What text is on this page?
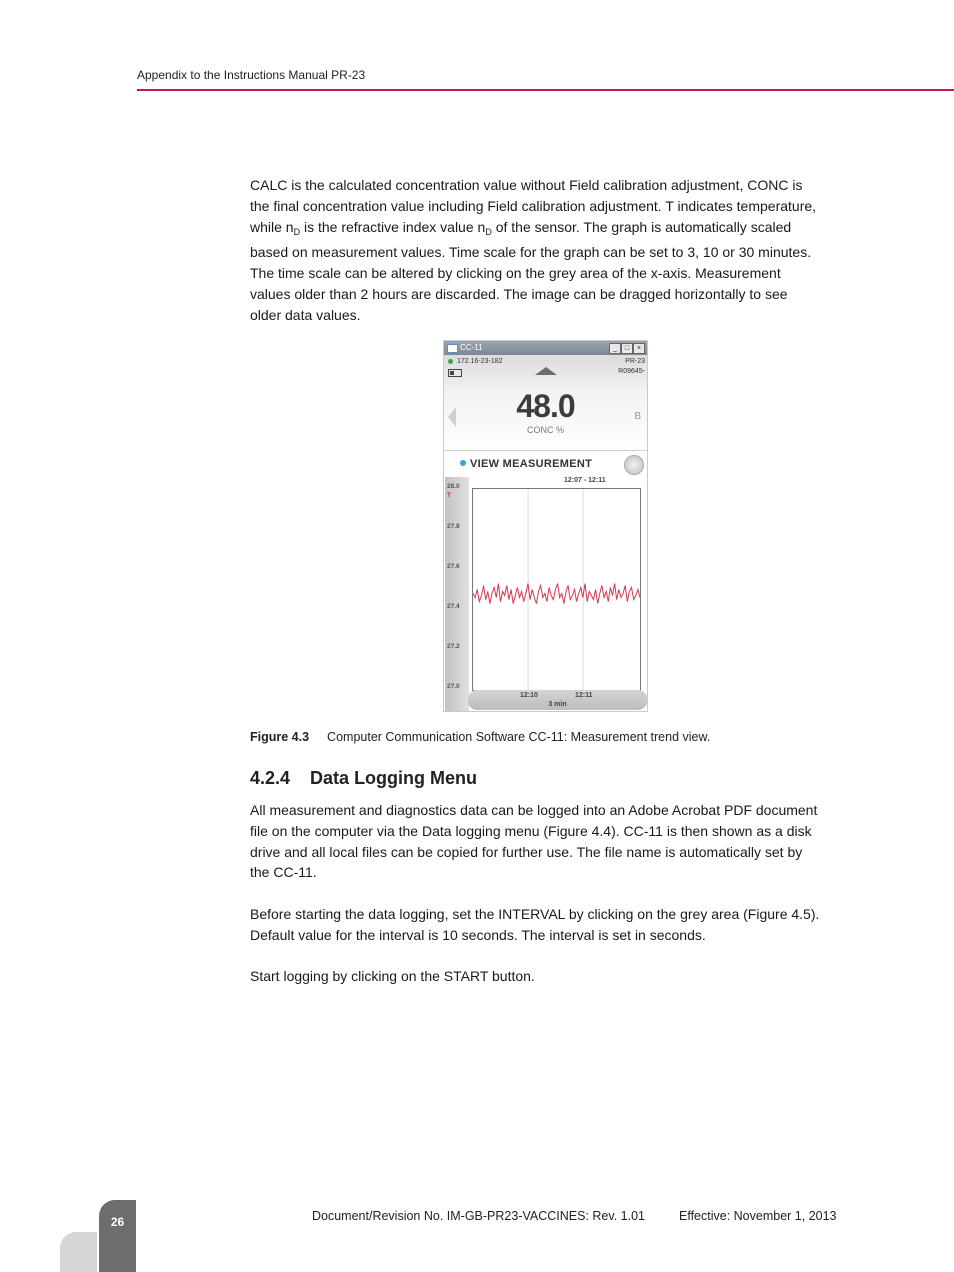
Appendix to the Instructions Manual PR-23

CALC is the calculated concentration value without Field calibration adjustment, CONC is

the final concentration value including Field calibration adjustment. T indicates temperature,

while $n_D$ is the refractive index value $n_D$ of the sensor. The graph is automatically scaled

based on measurement values. Time scale for the graph can be set to 3, 10 or 30 minutes.

The time scale can be altered by clicking on the grey area of the x-axis. Measurement

values older than 2 hours are discarded. The image can be dragged horizontally to see

older data values.

CC-11	_	□	×
172.16-23-182	PR-23
R09645-
48.0
CONC %
B
VIEW MEASUREMENT
28.0
T
27.8
27.6
27.4
27.2
27.0
12:07 - 12:11
12:10	12:11
3 min
Figure 4.3 Computer Communication Software CC-11: Measurement trend view.
4.2.4 Data Logging Menu

All measurement and diagnostics data can be logged into an Adobe Acrobat PDF document

file on the computer via the Data logging menu (Figure 4.4). CC-11 is then shown as a disk

drive and all local files can be copied for further use. The file name is automatically set by

the CC-11.

Before starting the data logging, set the INTERVAL by clicking on the grey area (Figure 4.5).

Default value for the interval is 10 seconds. The interval is set in seconds.

Start logging by clicking on the START button.

26	Document/Revision No. IM-GB-PR23-VACCINES: Rev. 1.01	Effective: November 1, 2013
